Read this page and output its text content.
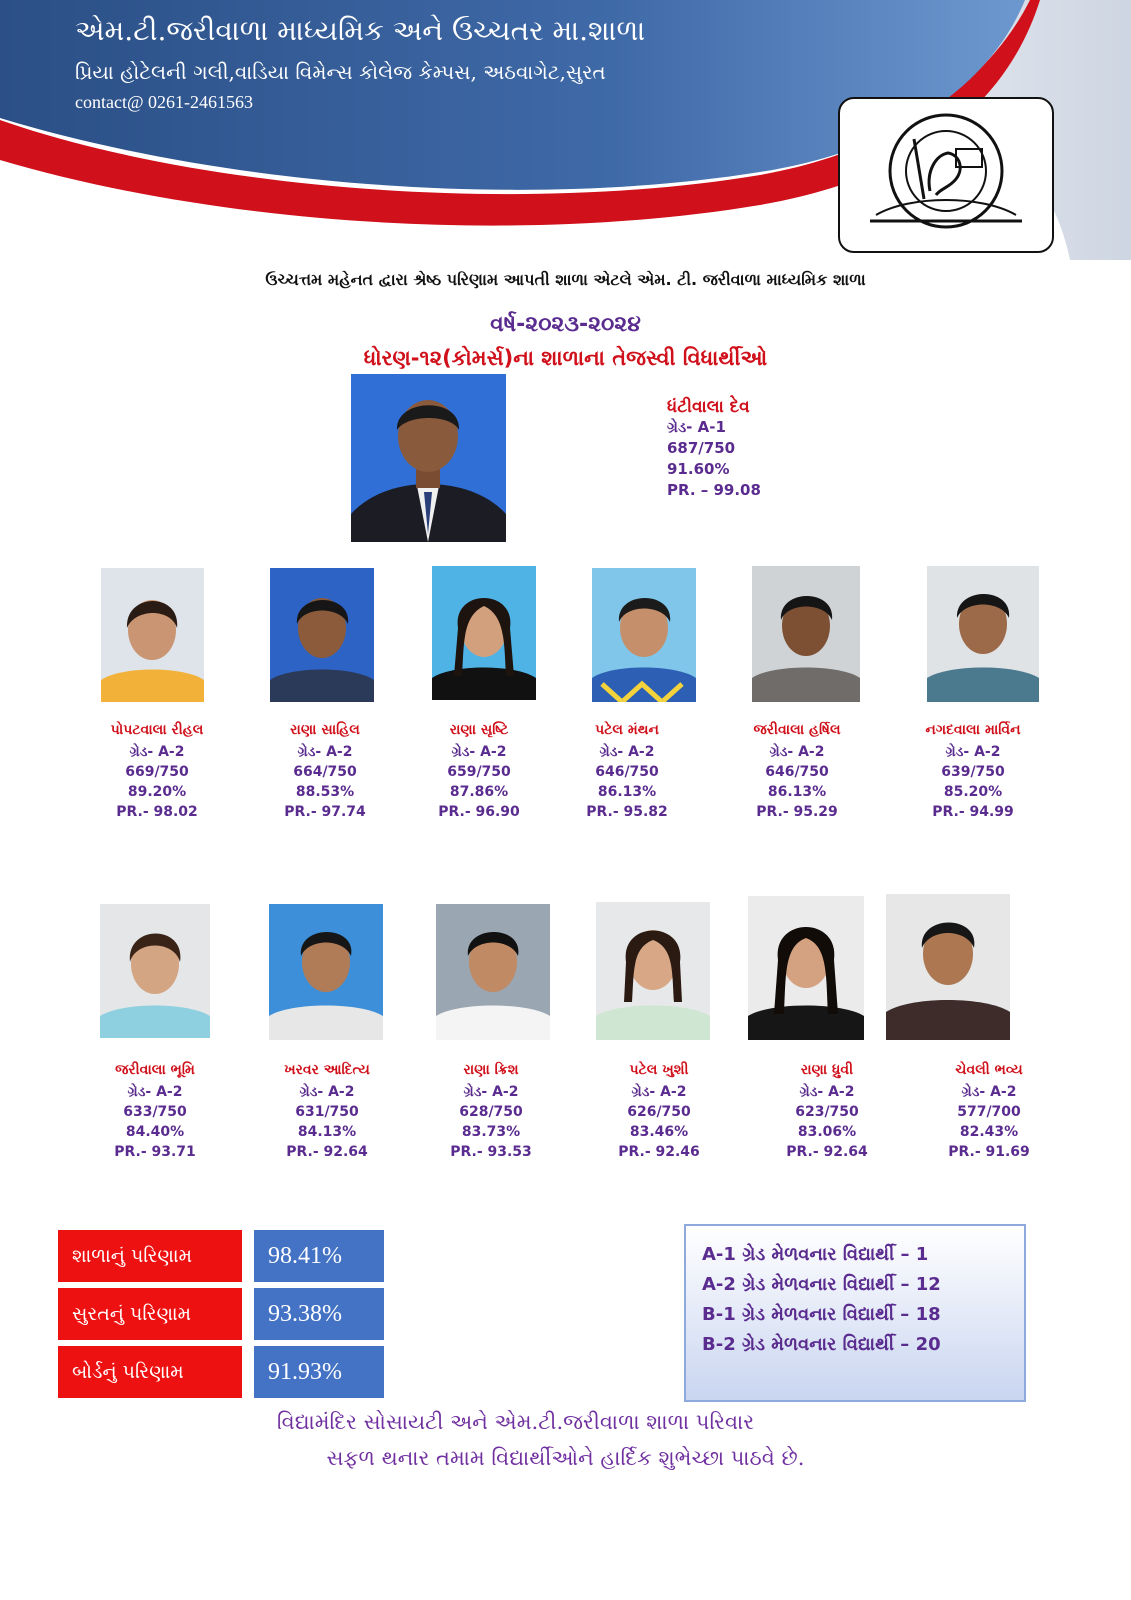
એમ.ટી.જરીવાળા માધ્યમિક અને ઉચ્ચતર મા.શાળા
પ્રિયા હોટેલની ગલી,વાડિયા વિમેન્સ કોલેજ કેમ્પસ, અઠવાગેટ,સુરત
contact@ 0261-2461563
ઉચ્ચત્તમ મહેનત દ્વારા શ્રેષ્ઠ પરિણામ આપતી શાળા એટલે એમ. ટી. જરીવાળા માધ્યમિક શાળા
વર્ષ-૨૦૨૩-૨૦૨૪
ધોરણ-૧૨(કોમર્સ)ના શાળાના તેજસ્વી વિધાર્થીઓ
ધંટીવાલા દેવ
ગ્રેડ- A-1
687/750
91.60%
PR. – 99.08
પોપટવાલા રીહલ
ગ્રેડ- A-2
669/750
89.20%
PR.- 98.02
રાણા સાહિલ
ગ્રેડ- A-2
664/750
88.53%
PR.- 97.74
રાણા સૃષ્ટિ
ગ્રેડ- A-2
659/750
87.86%
PR.- 96.90
પટેલ મંથન
ગ્રેડ- A-2
646/750
86.13%
PR.- 95.82
જરીવાલા હર્ષિલ
ગ્રેડ- A-2
646/750
86.13%
PR.- 95.29
નગદવાલા માર્વિન
ગ્રેડ- A-2
639/750
85.20%
PR.- 94.99
જરીવાલા ભૂમિ
ગ્રેડ- A-2
633/750
84.40%
PR.- 93.71
ખરવર આદિત્ય
ગ્રેડ- A-2
631/750
84.13%
PR.- 92.64
રાણા ક્રિશ
ગ્રેડ- A-2
628/750
83.73%
PR.- 93.53
પટેલ ખુશી
ગ્રેડ- A-2
626/750
83.46%
PR.- 92.46
રાણા ધ્રુવી
ગ્રેડ- A-2
623/750
83.06%
PR.- 92.64
ચેવલી ભવ્ય
ગ્રેડ- A-2
577/700
82.43%
PR.- 91.69
શાળાનું પરિણામ	98.41%
સુરતનું પરિણામ	93.38%
બોર્ડનું પરિણામ	91.93%
A-1 ગ્રેડ મેળવનાર વિદ્યાર્થી – 1
A-2 ગ્રેડ મેળવનાર વિદ્યાર્થી – 12
B-1 ગ્રેડ મેળવનાર વિદ્યાર્થી – 18
B-2 ગ્રેડ મેળવનાર વિદ્યાર્થી – 20
વિદ્યામંદિર સોસાયટી અને એમ.ટી.જરીવાળા શાળા પરિવાર
સફળ થનાર તમામ વિદ્યાર્થીઓને હાર્દિક શુભેચ્છા પાઠવે છે.
